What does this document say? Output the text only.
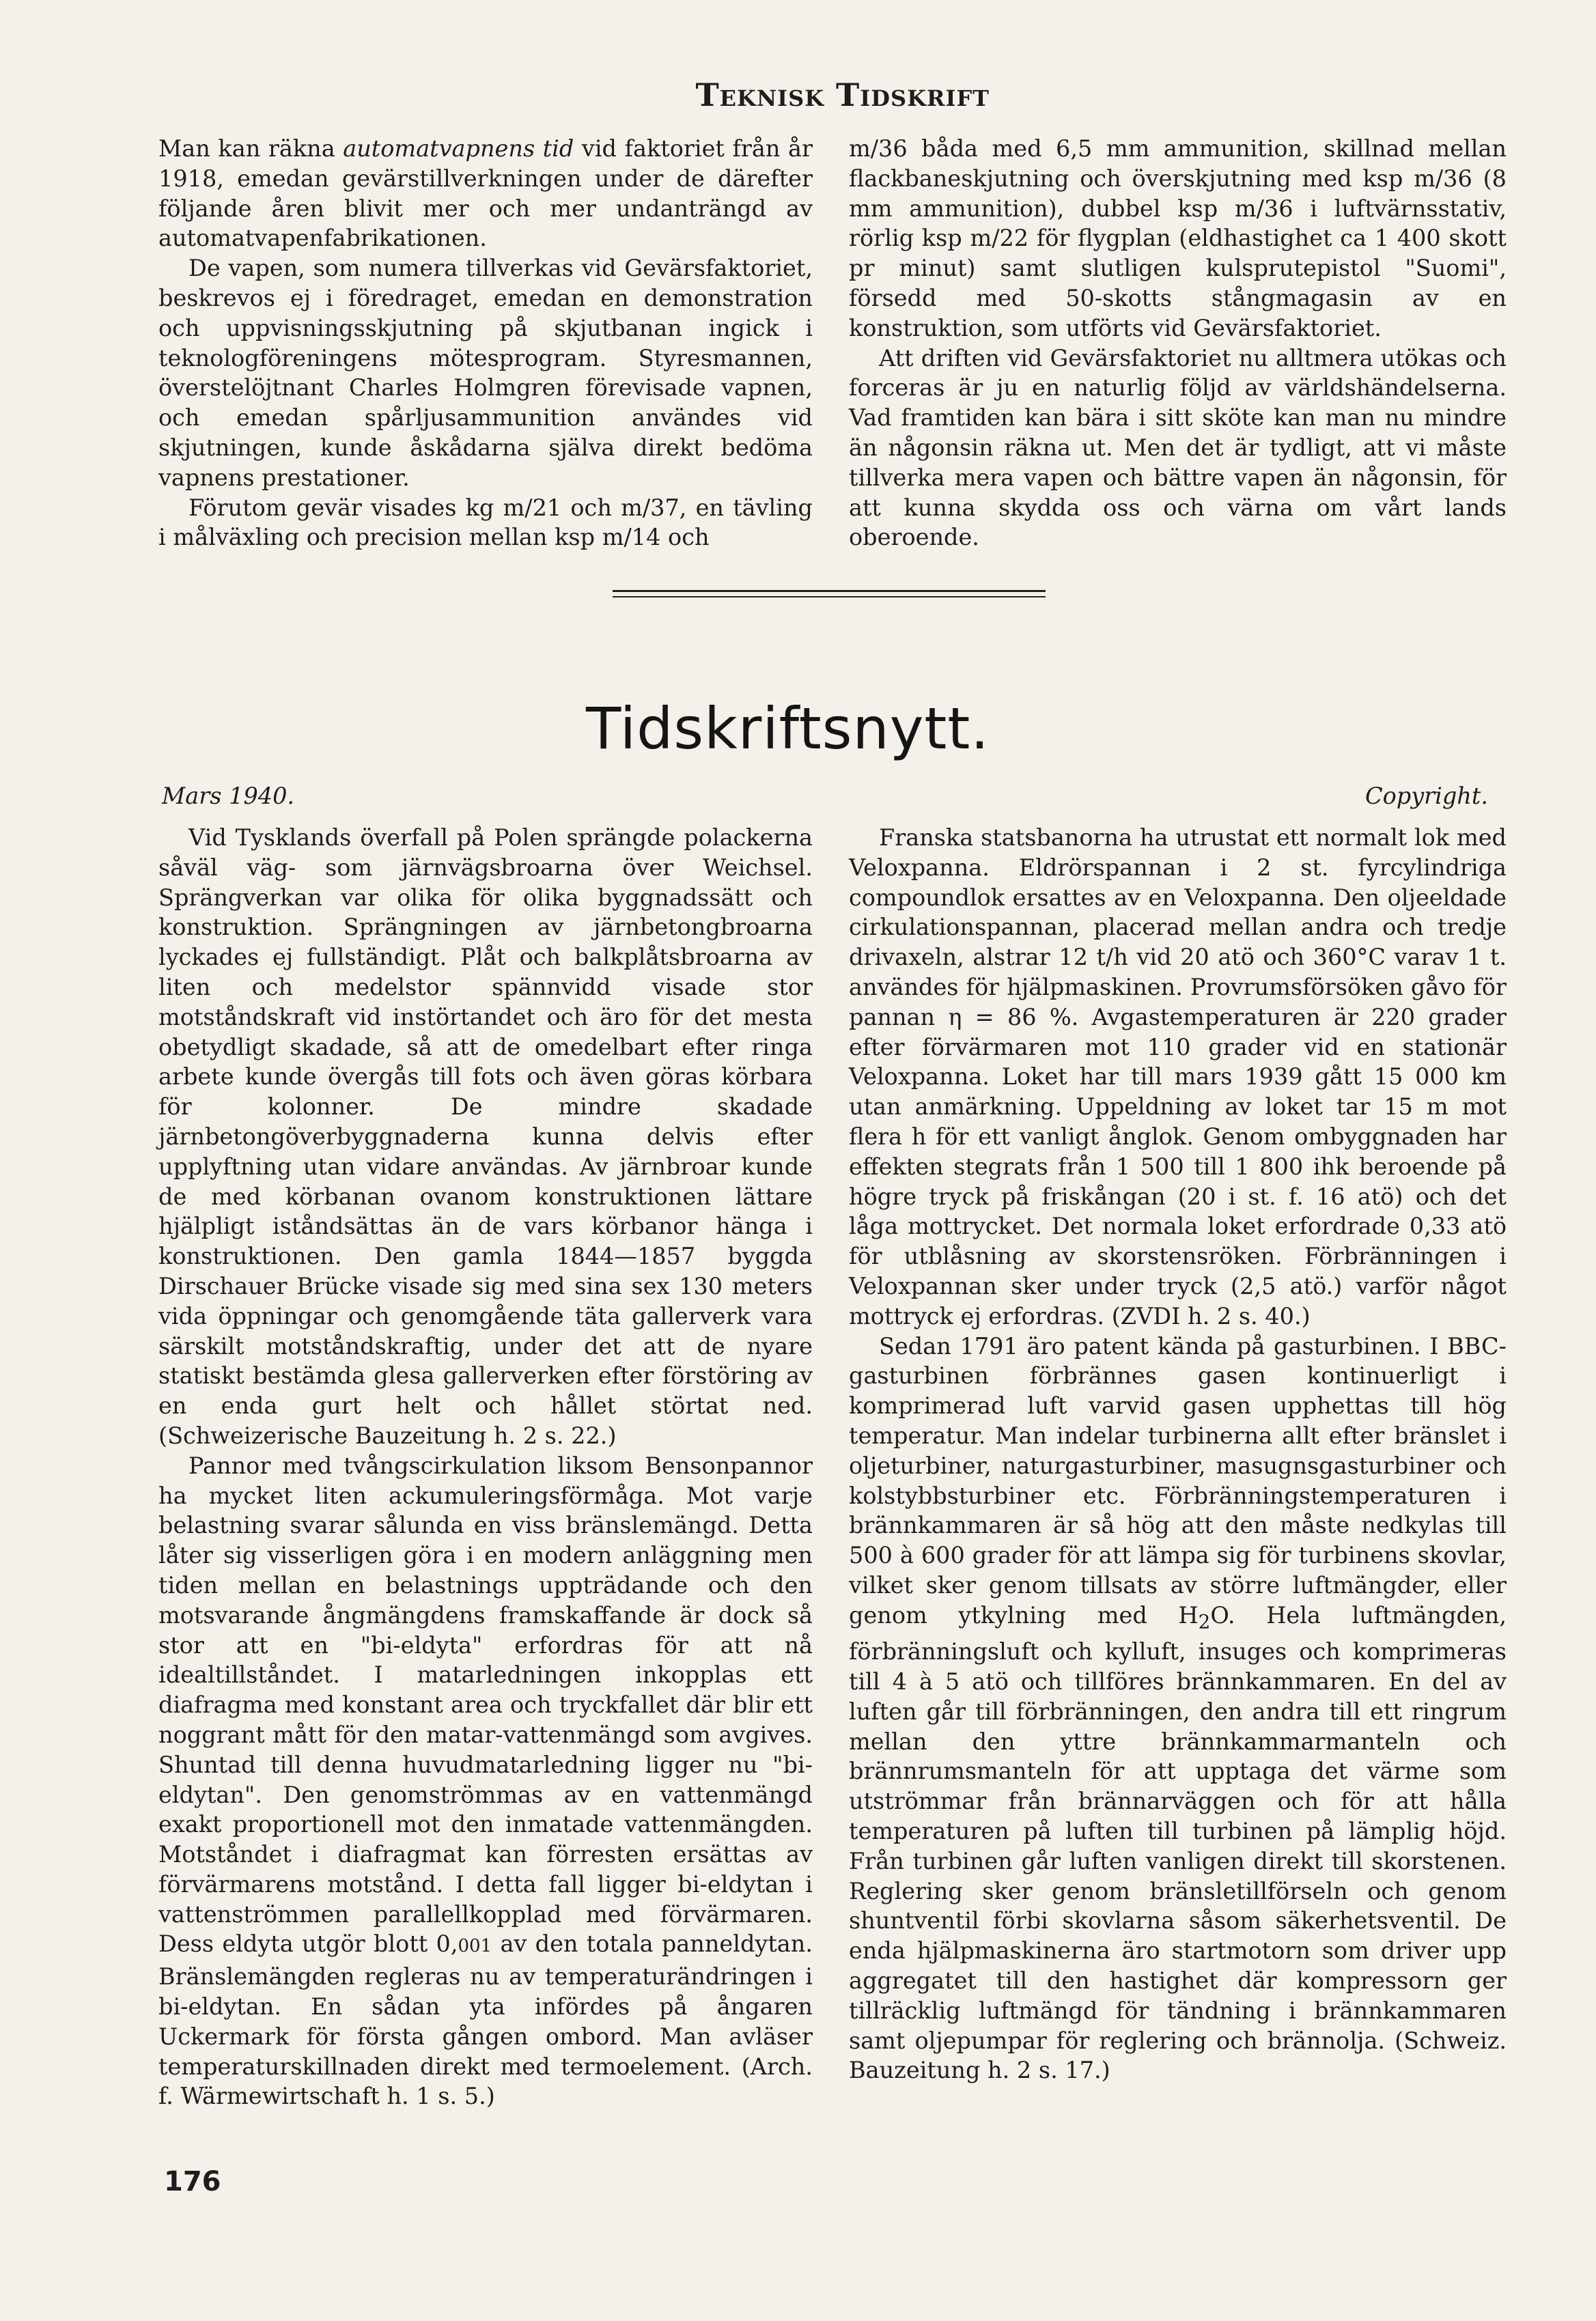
Teknisk Tidskrift

Man kan räkna automatvapnens tid vid faktoriet från år 1918, emedan gevärstillverkningen under de därefter följande åren blivit mer och mer undanträngd av automatvapenfabrikationen.

De vapen, som numera tillverkas vid Gevärsfaktoriet, beskrevos ej i föredraget, emedan en demonstration och uppvisningsskjutning på skjutbanan ingick i teknologföreningens mötesprogram. Styresmannen, överstelöjtnant Charles Holmgren förevisade vapnen, och emedan spårljusammunition användes vid skjutningen, kunde åskådarna själva direkt bedöma vapnens prestationer.

Förutom gevär visades kg m/21 och m/37, en tävling i målväxling och precision mellan ksp m/14 och

m/36 båda med 6,5 mm ammunition, skillnad mellan flackbaneskjutning och överskjutning med ksp m/36 (8 mm ammunition), dubbel ksp m/36 i luftvärnsstativ, rörlig ksp m/22 för flygplan (eldhastighet ca 1 400 skott pr minut) samt slutligen kulsprutepistol "Suomi", försedd med 50-skotts stångmagasin av en konstruktion, som utförts vid Gevärsfaktoriet.

Att driften vid Gevärsfaktoriet nu alltmera utökas och forceras är ju en naturlig följd av världshändelserna. Vad framtiden kan bära i sitt sköte kan man nu mindre än någonsin räkna ut. Men det är tydligt, att vi måste tillverka mera vapen och bättre vapen än någonsin, för att kunna skydda oss och värna om vårt lands oberoende.

Tidskriftsnytt.
Mars 1940.	Copyright.

Vid Tysklands överfall på Polen sprängde polackerna såväl väg- som järnvägsbroarna över Weichsel. Sprängverkan var olika för olika byggnadssätt och konstruktion. Sprängningen av järnbetongbroarna lyckades ej fullständigt. Plåt och balkplåtsbroarna av liten och medelstor spännvidd visade stor motståndskraft vid instörtandet och äro för det mesta obetydligt skadade, så att de omedelbart efter ringa arbete kunde övergås till fots och även göras körbara för kolonner. De mindre skadade järnbetongöverbyggnaderna kunna delvis efter upplyftning utan vidare användas. Av järnbroar kunde de med körbanan ovanom konstruktionen lättare hjälpligt iståndsättas än de vars körbanor hänga i konstruktionen. Den gamla 1844—1857 byggda Dirschauer Brücke visade sig med sina sex 130 meters vida öppningar och genomgående täta gallerverk vara särskilt motståndskraftig, under det att de nyare statiskt bestämda glesa gallerverken efter förstöring av en enda gurt helt och hållet störtat ned. (Schweizerische Bauzeitung h. 2 s. 22.)

Pannor med tvångscirkulation liksom Bensonpannor ha mycket liten ackumuleringsförmåga. Mot varje belastning svarar sålunda en viss bränslemängd. Detta låter sig visserligen göra i en modern anläggning men tiden mellan en belastnings uppträdande och den motsvarande ångmängdens framskaffande är dock så stor att en "bi-eldyta" erfordras för att nå idealtillståndet. I matarledningen inkopplas ett diafragma med konstant area och tryckfallet där blir ett noggrant mått för den matar-vattenmängd som avgives. Shuntad till denna huvudmatarledning ligger nu "bi-eldytan". Den genomströmmas av en vattenmängd exakt proportionell mot den inmatade vattenmängden. Motståndet i diafragmat kan förresten ersättas av förvärmarens motstånd. I detta fall ligger bi-eldytan i vattenströmmen parallellkopplad med förvärmaren. Dess eldyta utgör blott 0,001 av den totala panneldytan. Bränslemängden regleras nu av temperaturändringen i bi-eldytan. En sådan yta infördes på ångaren Uckermark för första gången ombord. Man avläser temperaturskillnaden direkt med termoelement. (Arch. f. Wärmewirtschaft h. 1 s. 5.)

Franska statsbanorna ha utrustat ett normalt lok med Veloxpanna. Eldrörspannan i 2 st. fyrcylindriga compoundlok ersattes av en Veloxpanna. Den oljeeldade cirkulationspannan, placerad mellan andra och tredje drivaxeln, alstrar 12 t/h vid 20 atö och 360°C varav 1 t. användes för hjälpmaskinen. Provrumsförsöken gåvo för pannan η = 86 %. Avgastemperaturen är 220 grader efter förvärmaren mot 110 grader vid en stationär Veloxpanna. Loket har till mars 1939 gått 15 000 km utan anmärkning. Uppeldning av loket tar 15 m mot flera h för ett vanligt ånglok. Genom ombyggnaden har effekten stegrats från 1 500 till 1 800 ihk beroende på högre tryck på friskångan (20 i st. f. 16 atö) och det låga mottrycket. Det normala loket erfordrade 0,33 atö för utblåsning av skorstensröken. Förbränningen i Veloxpannan sker under tryck (2,5 atö.) varför något mottryck ej erfordras. (ZVDI h. 2 s. 40.)

Sedan 1791 äro patent kända på gasturbinen. I BBC-gasturbinen förbrännes gasen kontinuerligt i komprimerad luft varvid gasen upphettas till hög temperatur. Man indelar turbinerna allt efter bränslet i oljeturbiner, naturgasturbiner, masugnsgasturbiner och kolstybbsturbiner etc. Förbränningstemperaturen i brännkammaren är så hög att den måste nedkylas till 500 à 600 grader för att lämpa sig för turbinens skovlar, vilket sker genom tillsats av större luftmängder, eller genom ytkylning med $H_2O$. Hela luftmängden, förbränningsluft och kylluft, insuges och komprimeras till 4 à 5 atö och tillföres brännkammaren. En del av luften går till förbränningen, den andra till ett ringrum mellan den yttre brännkammarmanteln och brännrumsmanteln för att upptaga det värme som utströmmar från brännarväggen och för att hålla temperaturen på luften till turbinen på lämplig höjd. Från turbinen går luften vanligen direkt till skorstenen. Reglering sker genom bränsletillförseln och genom shuntventil förbi skovlarna såsom säkerhetsventil. De enda hjälpmaskinerna äro startmotorn som driver upp aggregatet till den hastighet där kompressorn ger tillräcklig luftmängd för tändning i brännkammaren samt oljepumpar för reglering och brännolja. (Schweiz. Bauzeitung h. 2 s. 17.)

176
